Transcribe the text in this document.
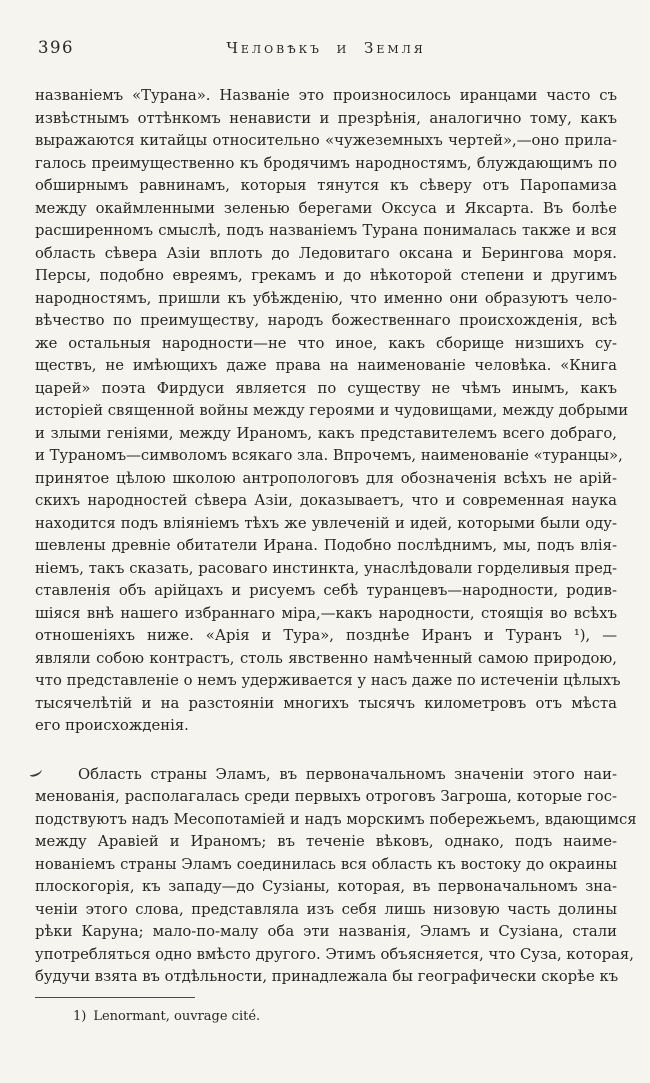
396	Человѣкъ и Земля
названіемъ «Турана». Названіе это произносилось иранцами часто съ
извѣстнымъ оттѣнкомъ ненависти и презрѣнія, аналогично тому, какъ
выражаются китайцы относительно «чужеземныхъ чертей»,—оно прила-
галось преимущественно къ бродячимъ народностямъ, блуждающимъ по
обширнымъ равнинамъ, которыя тянутся къ сѣверу отъ Паропамиза
между окаймленными зеленью берегами Оксуса и Яксарта. Въ болѣе
расширенномъ смыслѣ, подъ названіемъ Турана понималась также и вся
область сѣвера Азіи вплоть до Ледовитаго оксана и Берингова моря.
Персы, подобно евреямъ, грекамъ и до нѣкоторой степени и другимъ
народностямъ, пришли къ убѣжденію, что именно они образуютъ чело-
вѣчество по преимуществу, народъ божественнаго происхожденія, всѣ
же остальныя народности—не что иное, какъ сборище низшихъ су-
ществъ, не имѣющихъ даже права на наименованіе человѣка. «Книга
царей» поэта Фирдуси является по существу не чѣмъ инымъ, какъ
исторіей священной войны между героями и чудовищами, между добрыми
и злыми геніями, между Ираномъ, какъ представителемъ всего добраго,
и Тураномъ—символомъ всякаго зла. Впрочемъ, наименованіе «туранцы»,
принятое цѣлою школою антропологовъ для обозначенія всѣхъ не арій-
скихъ народностей сѣвера Азіи, доказываетъ, что и современная наука
находится подъ вліяніемъ тѣхъ же увлеченій и идей, которыми были оду-
шевлены древніе обитатели Ирана. Подобно послѣднимъ, мы, подъ влія-
ніемъ, такъ сказать, расоваго инстинкта, унаслѣдовали горделивыя пред-
ставленія объ арійцахъ и рисуемъ себѣ туранцевъ—народности, родив-
шіяся внѣ нашего избраннаго міра,—какъ народности, стоящія во всѣхъ
отношеніяхъ ниже. «Арія и Тура», позднѣе Иранъ и Туранъ ¹), —
являли собою контрастъ, столь явственно намѣченный самою природою,
что представленіе о немъ удерживается у насъ даже по истеченіи цѣлыхъ
тысячелѣтій и на разстояніи многихъ тысячъ километровъ отъ мѣста
его происхожденія.
Область страны Эламъ, въ первоначальномъ значеніи этого наи-
менованія, располагалась среди первыхъ отроговъ Загроша, которые гос-
подствуютъ надъ Месопотаміей и надъ морскимъ побережьемъ, вдающимся
между Аравіей и Ираномъ; въ теченіе вѣковъ, однако, подъ наиме-
нованіемъ страны Эламъ соединилась вся область къ востоку до окраины
плоскогорія, къ западу—до Сузіаны, которая, въ первоначальномъ зна-
ченіи этого слова, представляла изъ себя лишь низовую часть долины
рѣки Каруна; мало-по-малу оба эти названія, Эламъ и Сузіана, стали
употребляться одно вмѣсто другого. Этимъ объясняется, что Суза, которая,
будучи взята въ отдѣльности, принадлежала бы географически скорѣе къ
1) Lenormant, ouvrage cité.
